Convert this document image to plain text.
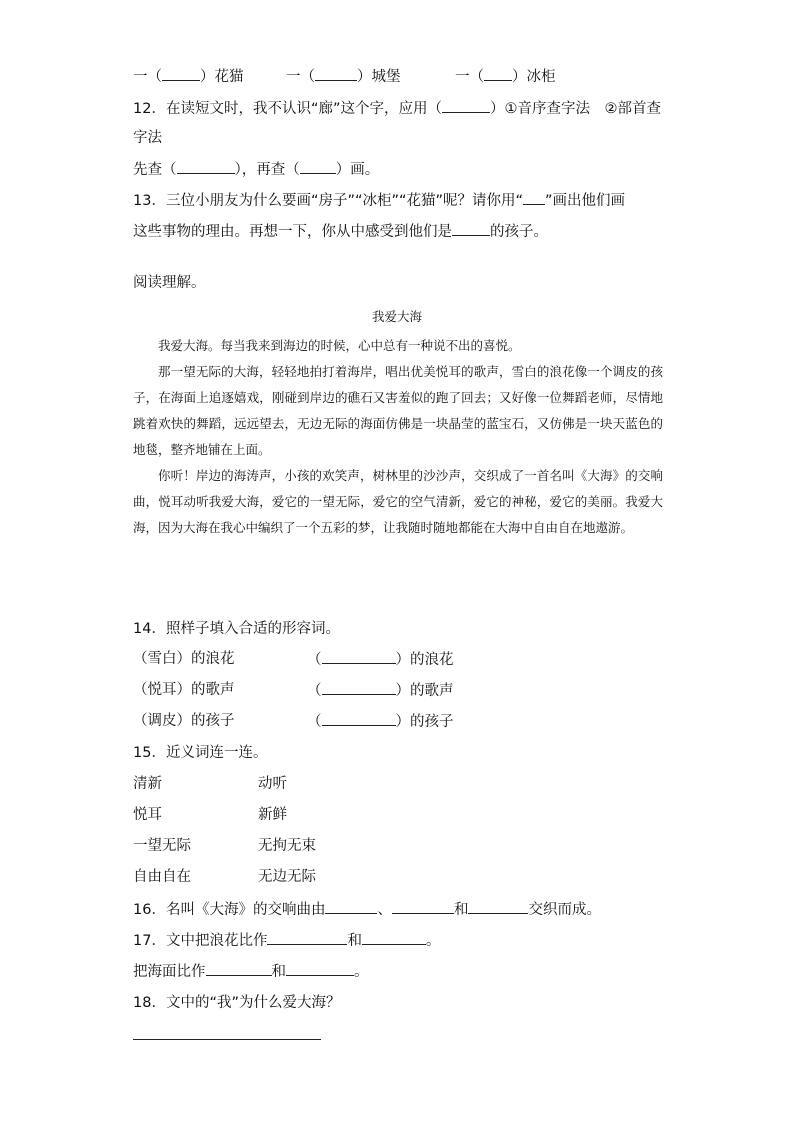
一（	）花猫	一（	）城堡	一（ ）冰柜
12．在读短文时，我不认识“廊”这个字，应用（	）①音序查字法　②部首查
字法
先查（	），再查（ ）画。
13．三位小朋友为什么要画“房子”“冰柜”“花猫”呢？请你用“ ”画出他们画
这些事物的理由。再想一下，你从中感受到他们是	的孩子。
阅读理解。
我爱大海

我爱大海。每当我来到海边的时候，心中总有一种说不出的喜悦。

那一望无际的大海，轻轻地拍打着海岸，唱出优美悦耳的歌声，雪白的浪花像一个调皮的孩子，在海面上追逐嬉戏，刚碰到岸边的礁石又害羞似的跑了回去；又好像一位舞蹈老师，尽情地跳着欢快的舞蹈，远远望去，无边无际的海面仿佛是一块晶莹的蓝宝石，又仿佛是一块天蓝色的地毯，整齐地铺在上面。

你听！岸边的海涛声，小孩的欢笑声，树林里的沙沙声，交织成了一首名叫《大海》的交响曲，悦耳动听我爱大海，爱它的一望无际，爱它的空气清新，爱它的神秘，爱它的美丽。我爱大海，因为大海在我心中编织了一个五彩的梦，让我随时随地都能在大海中自由自在地遨游。

14．照样子填入合适的形容词。
（雪白）的浪花	（	）的浪花
（悦耳）的歌声	（	）的歌声
（调皮）的孩子	（	）的孩子
15．近义词连一连。
清新	动听
悦耳	新鲜
一望无际	无拘无束
自由自在	无边无际
16．名叫《大海》的交响曲由	、	和	交织而成。
17．文中把浪花比作	和	。
把海面比作	和	。
18．文中的“我”为什么爱大海？
